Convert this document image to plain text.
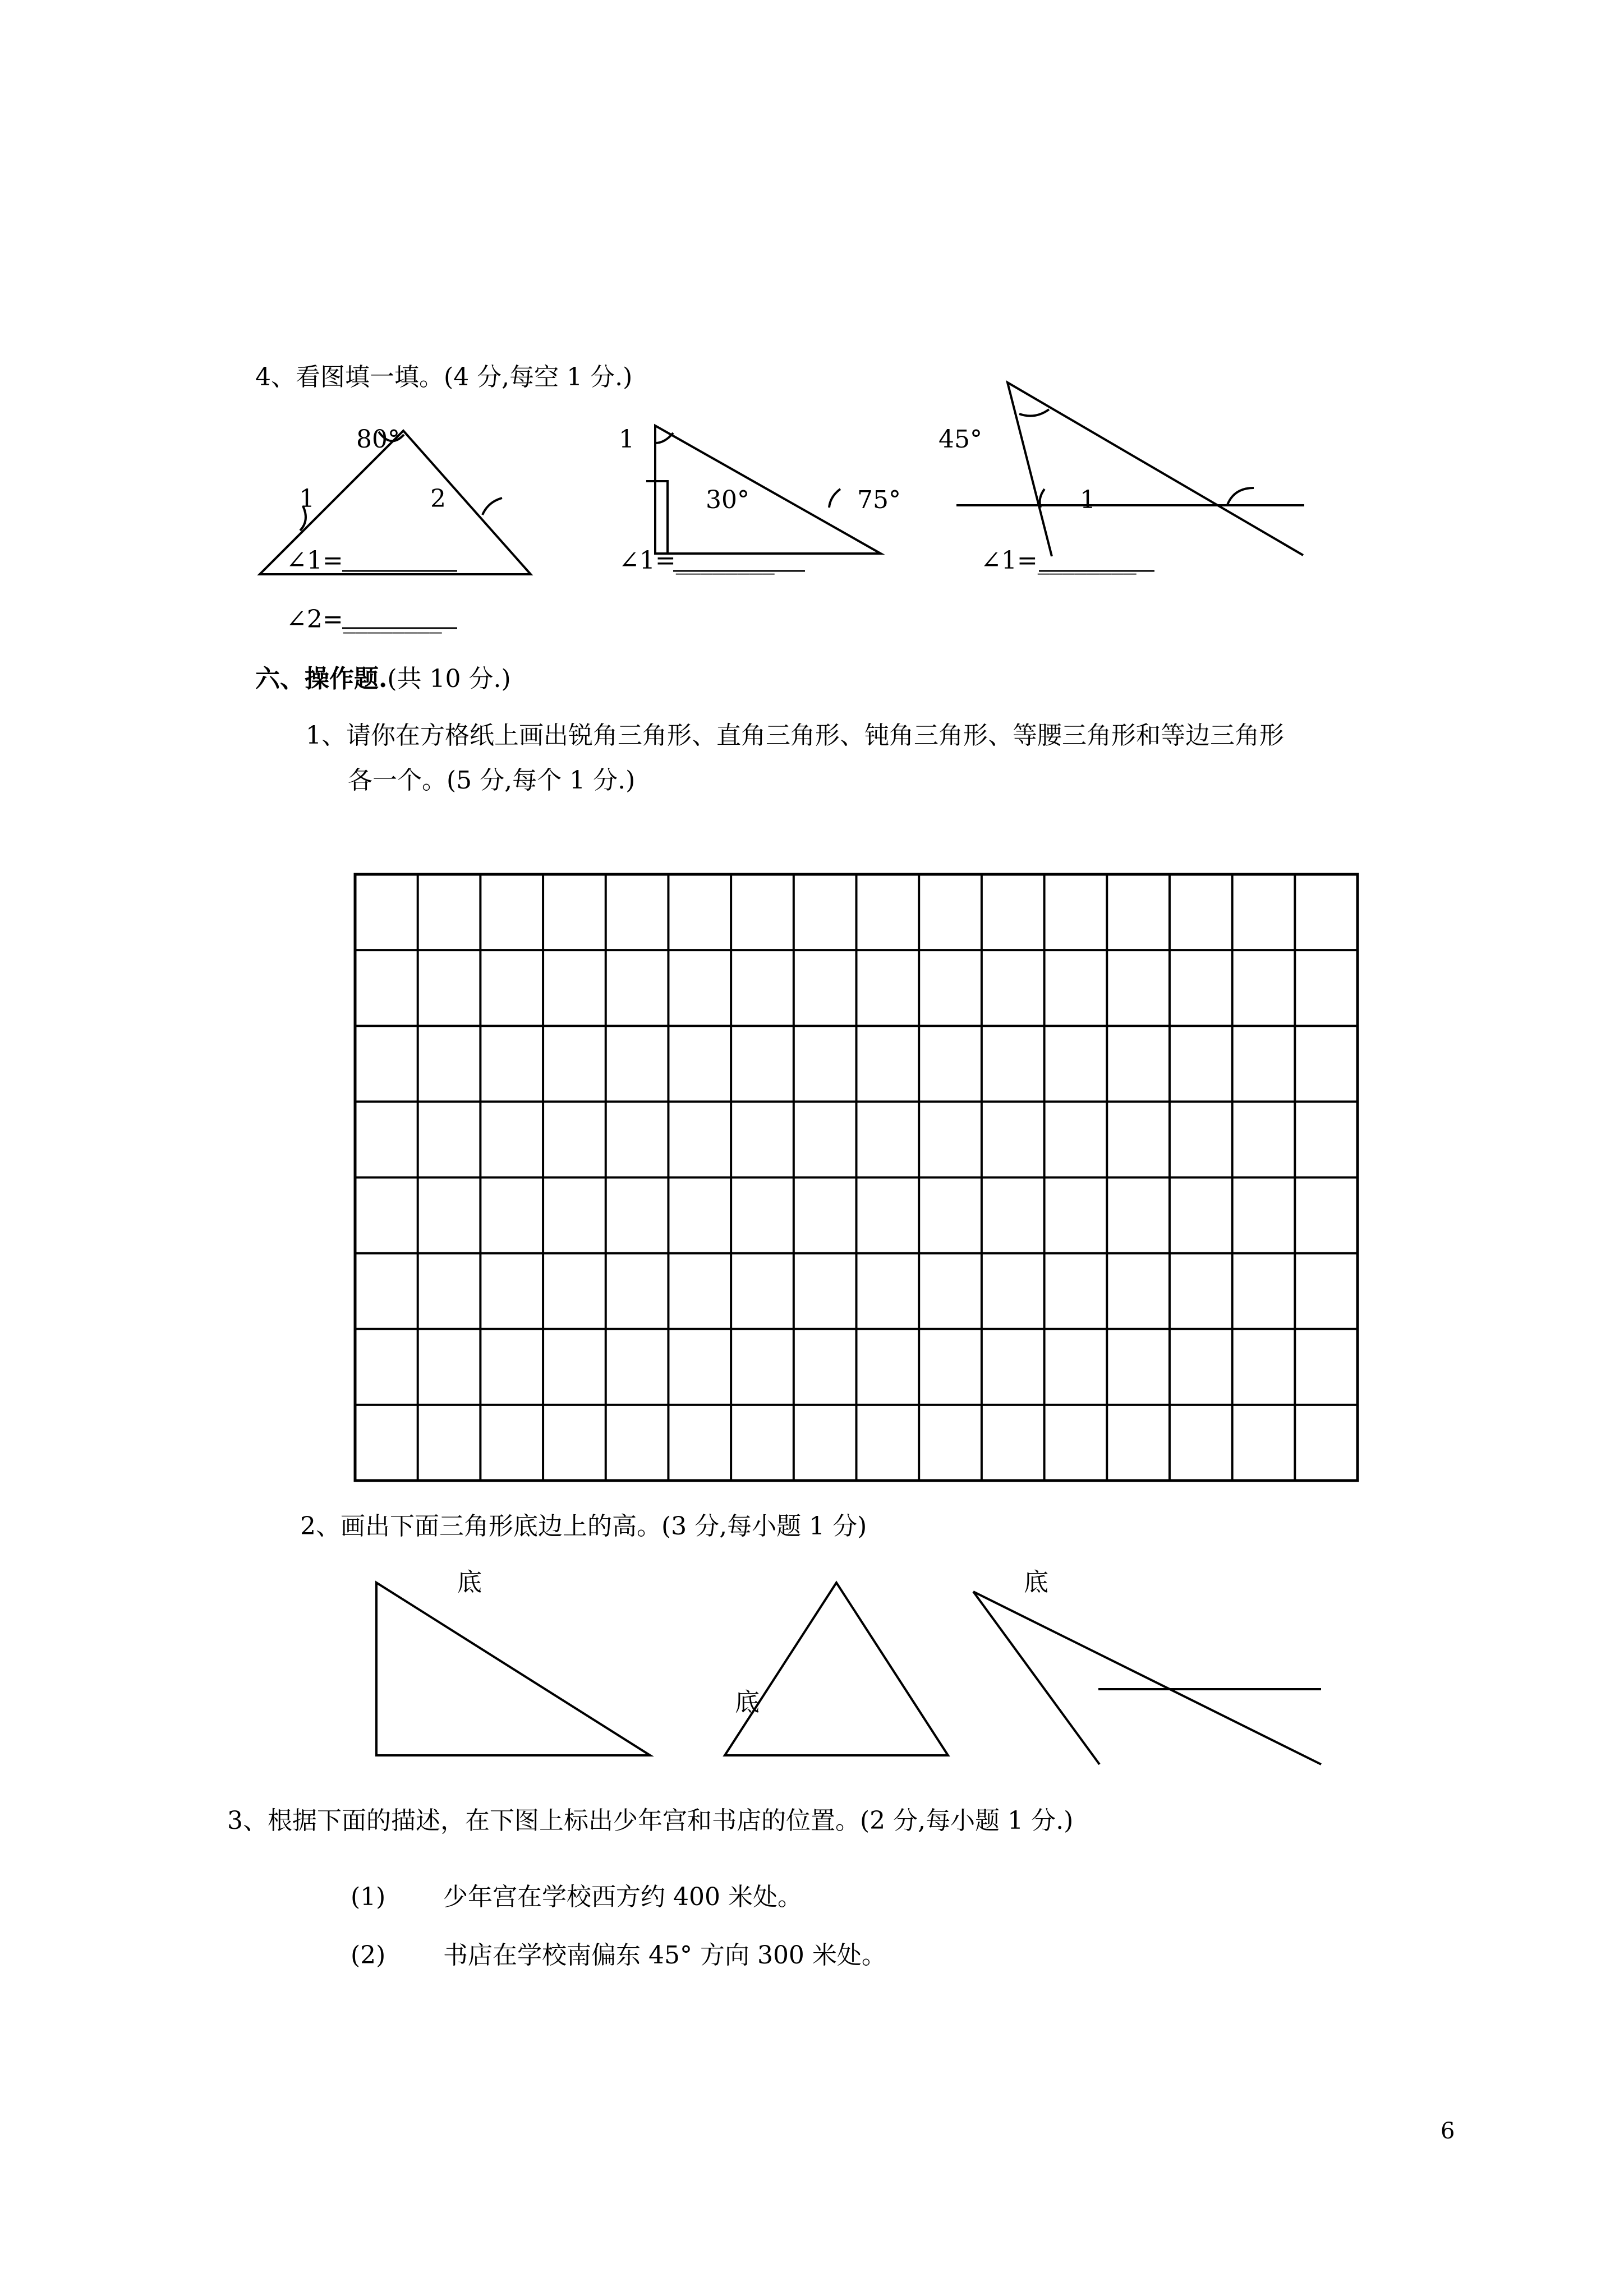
4、看图填一填。(4 分,每空 1 分.)
80°
1	2
∠1=________
∠2=________
1
30°	75°
∠1=________
45°
1
∠1=________
六、操作题.(共 10 分.)
1、请你在方格纸上画出锐角三角形、直角三角形、钝角三角形、等腰三角形和等边三角形
各一个。(5 分,每个 1 分.)
2、画出下面三角形底边上的高。(3 分,每小题 1 分)
底
底
底
3、根据下面的描述，在下图上标出少年宫和书店的位置。(2 分,每小题 1 分.)
(1) 少年宫在学校西方约 400 米处。
(2) 书店在学校南偏东 45° 方向 300 米处。
6
